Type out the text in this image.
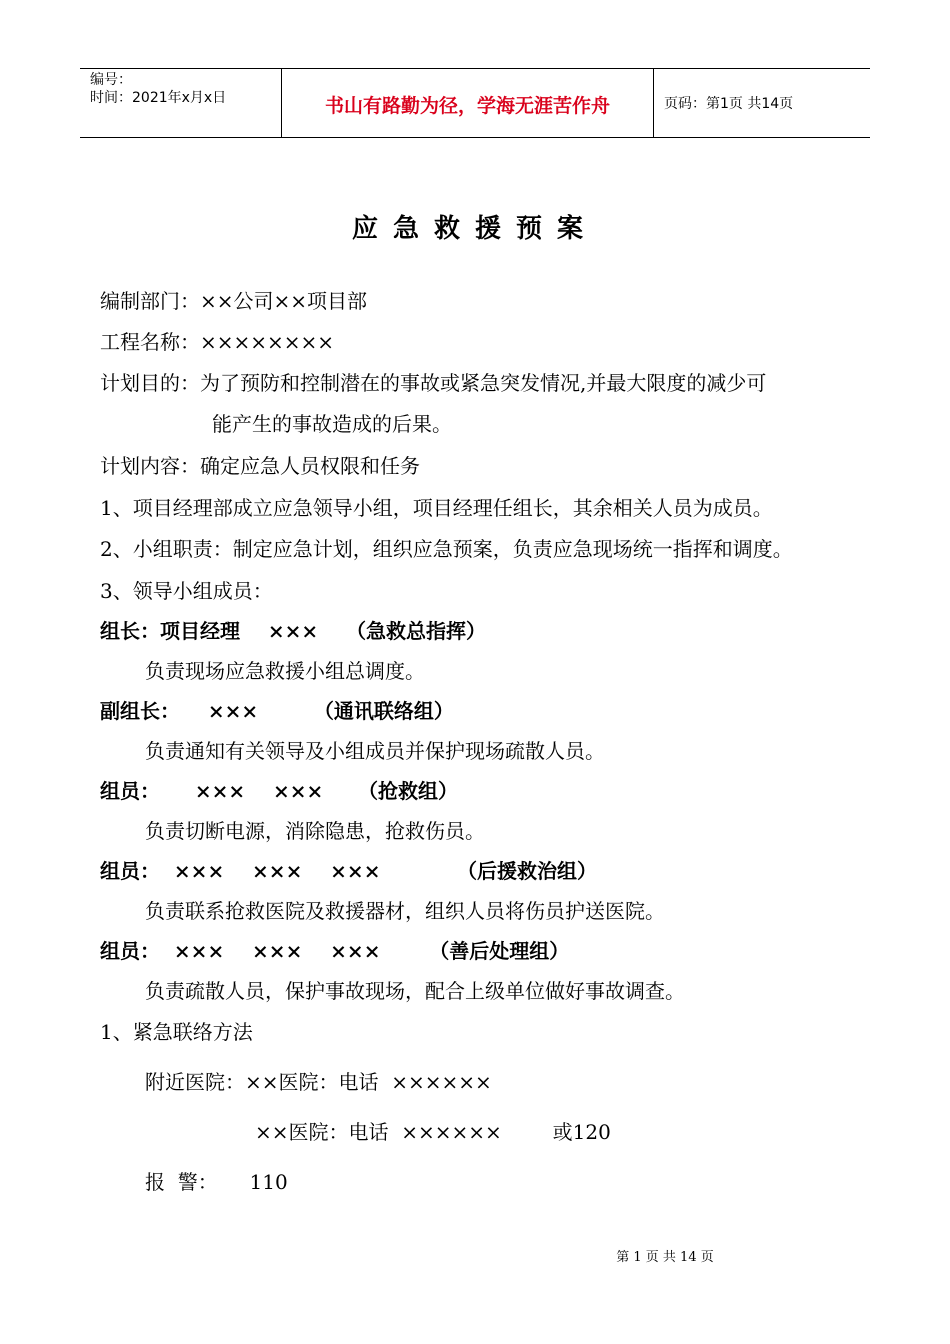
编号：
时间：2021年x月x日	书山有路勤为径，学海无涯苦作舟	页码：第1页 共14页
应急救援预案
编制部门：××公司××项目部
工程名称：××××××××
计划目的：为了预防和控制潜在的事故或紧急突发情况,并最大限度的减少可
能产生的事故造成的后果。
计划内容：确定应急人员权限和任务
1、项目经理部成立应急领导小组，项目经理任组长，其余相关人员为成员。
2、小组职责：制定应急计划，组织应急预案，负责应急现场统一指挥和调度。
3、领导小组成员：
组长：项目经理    ×××    （急救总指挥）
负责现场应急救援小组总调度。
副组长：    ×××        （通讯联络组）
负责通知有关领导及小组成员并保护现场疏散人员。
组员：     ×××    ×××     （抢救组）
负责切断电源，消除隐患，抢救伤员。
组员：  ×××    ×××    ×××           （后援救治组）
负责联系抢救医院及救援器材，组织人员将伤员护送医院。
组员：  ×××    ×××    ×××       （善后处理组）
负责疏散人员，保护事故现场，配合上级单位做好事故调查。
1、紧急联络方法
附近医院：××医院：电话  ××××××
××医院：电话  ××××××        或120
报  警：     110
第 1 页 共 14 页
